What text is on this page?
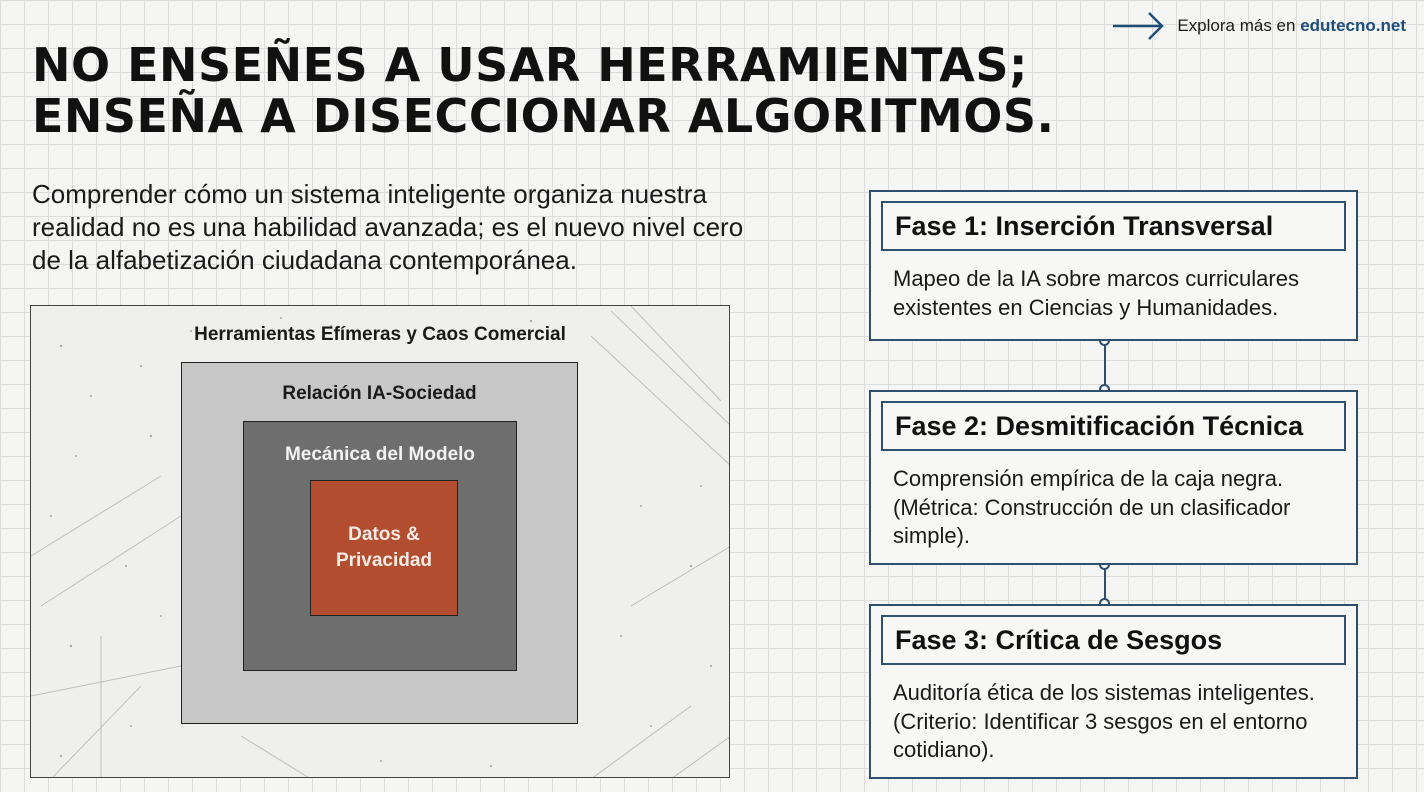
Explora más en edutecno.net
NO ENSEÑES A USAR HERRAMIENTAS;
ENSEÑA A DISECCIONAR ALGORITMOS.

Comprender cómo un sistema inteligente organiza nuestra realidad no es una habilidad avanzada; es el nuevo nivel cero de la alfabetización ciudadana contemporánea.

Herramientas Efímeras y Caos Comercial
Relación IA-Sociedad
Mecánica del Modelo
Datos & Privacidad
Fase 1: Inserción Transversal
Mapeo de la IA sobre marcos curriculares existentes en Ciencias y Humanidades.
Fase 2: Desmitificación Técnica
Comprensión empírica de la caja negra. (Métrica: Construcción de un clasificador simple).
Fase 3: Crítica de Sesgos
Auditoría ética de los sistemas inteligentes. (Criterio: Identificar 3 sesgos en el entorno cotidiano).
